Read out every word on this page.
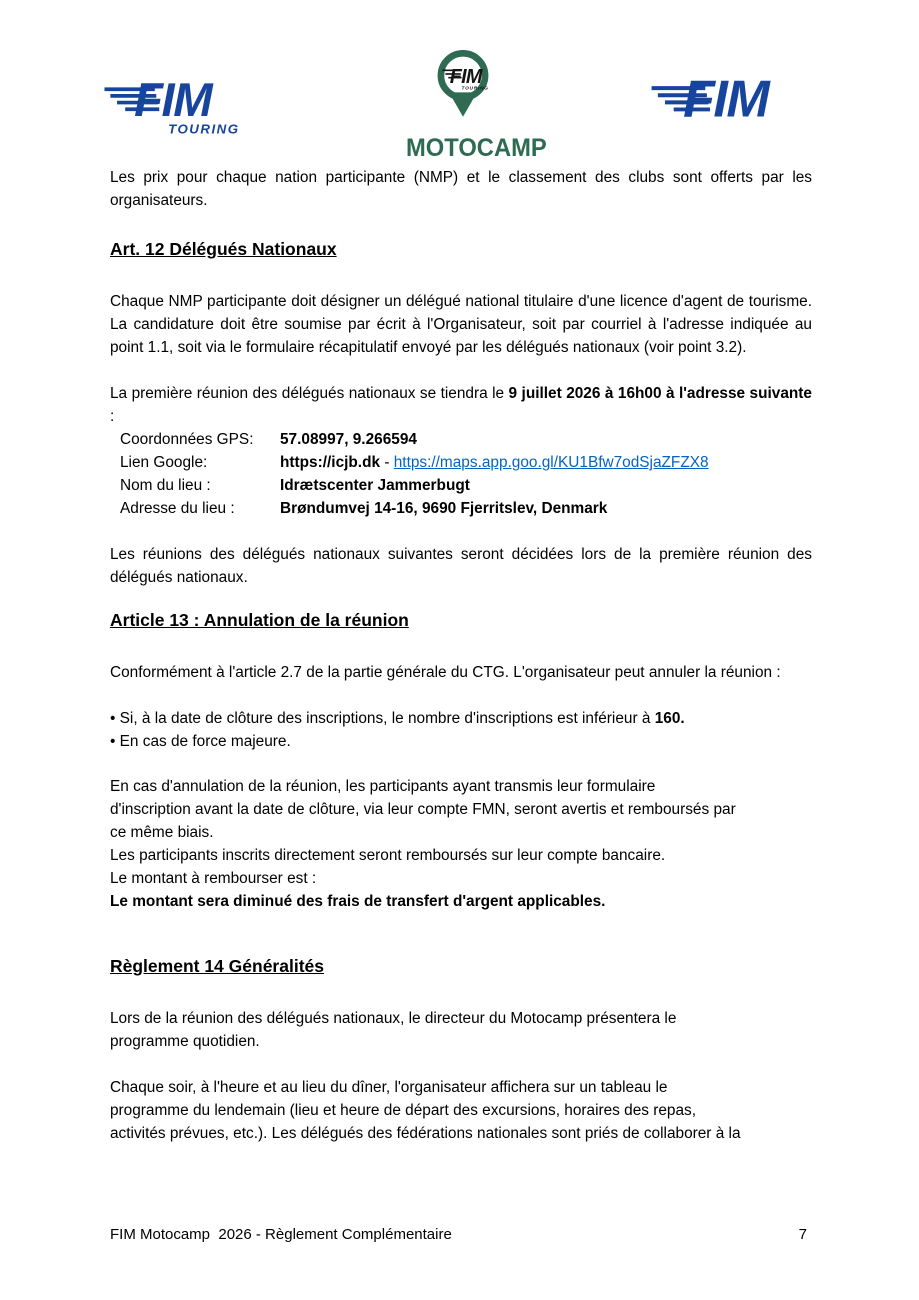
FIM
TOURING
FIM
TOURING
MOTOCAMP
FIM

Les prix pour chaque nation participante (NMP) et le classement des clubs sont offerts par les organisateurs.

Art. 12 Délégués Nationaux

Chaque NMP participante doit désigner un délégué national titulaire d'une licence d'agent de tourisme. La candidature doit être soumise par écrit à l'Organisateur, soit par courriel à l'adresse indiquée au point 1.1, soit via le formulaire récapitulatif envoyé par les délégués nationaux (voir point 3.2).

La première réunion des délégués nationaux se tiendra le 9 juillet 2026 à 16h00 à l'adresse suivante :

Coordonnées GPS:	57.08997, 9.266594
Lien Google:	https://icjb.dk - https://maps.app.goo.gl/KU1Bfw7odSjaZFZX8
Nom du lieu :	Idrætscenter Jammerbugt
Adresse du lieu :	Brøndumvej 14-16, 9690 Fjerritslev, Denmark

Les réunions des délégués nationaux suivantes seront décidées lors de la première réunion des délégués nationaux.

Article 13 : Annulation de la réunion

Conformément à l'article 2.7 de la partie générale du CTG. L'organisateur peut annuler la réunion :

• Si, à la date de clôture des inscriptions, le nombre d'inscriptions est inférieur à 160.

• En cas de force majeure.

En cas d'annulation de la réunion, les participants ayant transmis leur formulaire
d'inscription avant la date de clôture, via leur compte FMN, seront avertis et remboursés par
ce même biais.

Les participants inscrits directement seront remboursés sur leur compte bancaire.

Le montant à rembourser est :

Le montant sera diminué des frais de transfert d'argent applicables.

Règlement 14 Généralités

Lors de la réunion des délégués nationaux, le directeur du Motocamp présentera le
programme quotidien.

Chaque soir, à l'heure et au lieu du dîner, l'organisateur affichera sur un tableau le
programme du lendemain (lieu et heure de départ des excursions, horaires des repas,
activités prévues, etc.). Les délégués des fédérations nationales sont priés de collaborer à la

FIM Motocamp  2026 - Règlement Complémentaire	7
